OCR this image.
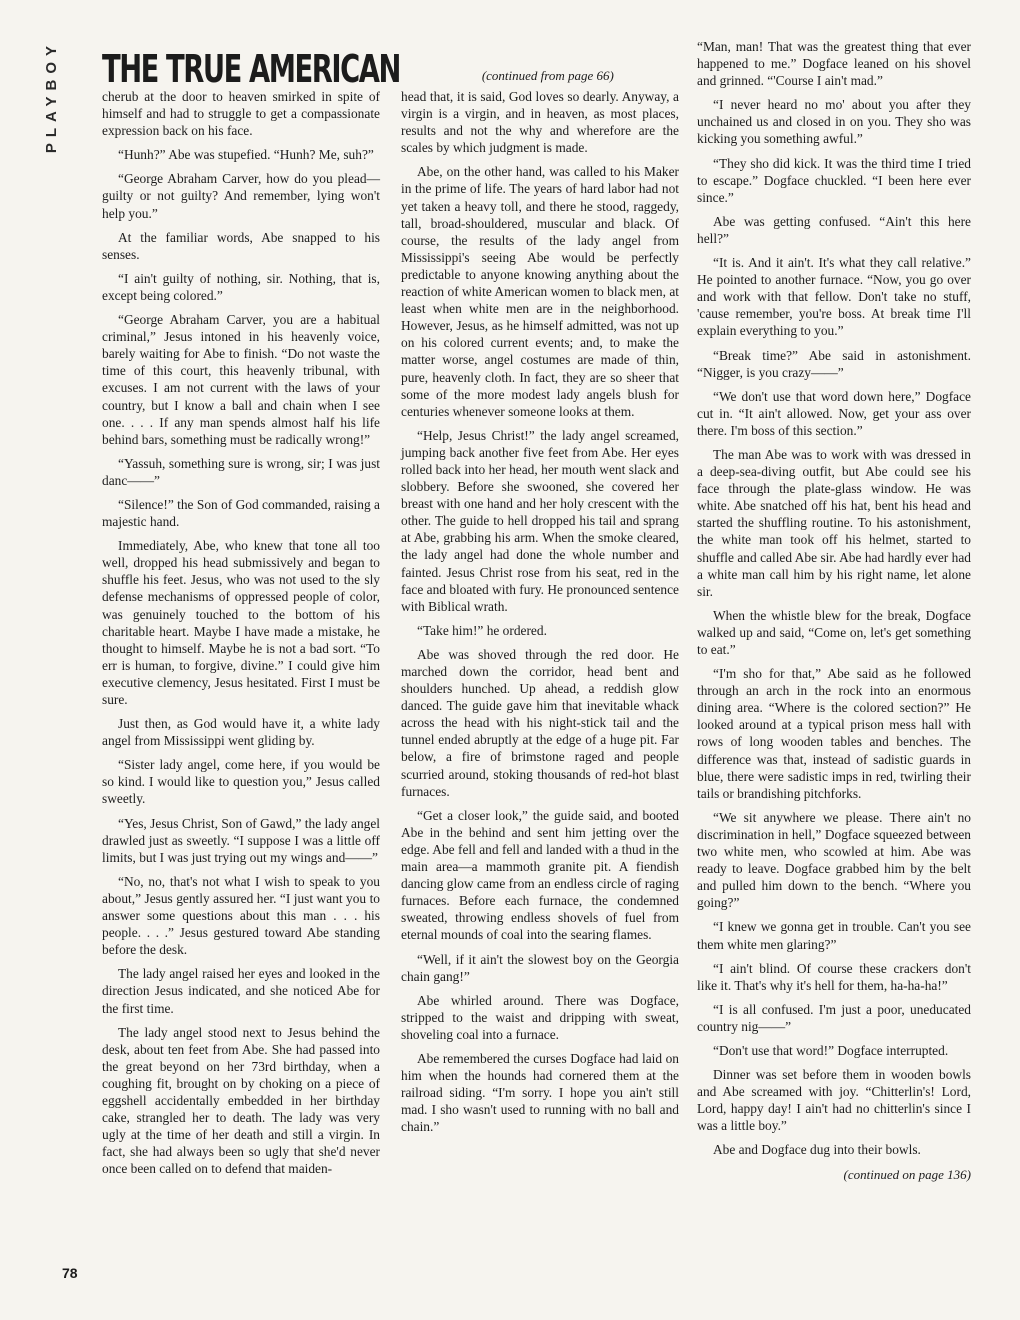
PLAYBOY THE TRUE AMERICAN	(continued from page 66)

cherub at the door to heaven smirked in spite of himself and had to struggle to get a compassionate expression back on his face.

“Hunh?” Abe was stupefied. “Hunh? Me, suh?”

“George Abraham Carver, how do you plead—guilty or not guilty? And remember, lying won't help you.”

At the familiar words, Abe snapped to his senses.

“I ain't guilty of nothing, sir. Nothing, that is, except being colored.”

“George Abraham Carver, you are a habitual criminal,” Jesus intoned in his heavenly voice, barely waiting for Abe to finish. “Do not waste the time of this court, this heavenly tribunal, with excuses. I am not current with the laws of your country, but I know a ball and chain when I see one. . . . If any man spends almost half his life behind bars, something must be radically wrong!”

“Yassuh, something sure is wrong, sir; I was just danc——”

“Silence!” the Son of God commanded, raising a majestic hand.

Immediately, Abe, who knew that tone all too well, dropped his head submissively and began to shuffle his feet. Jesus, who was not used to the sly defense mechanisms of oppressed people of color, was genuinely touched to the bottom of his charitable heart. Maybe I have made a mistake, he thought to himself. Maybe he is not a bad sort. “To err is human, to forgive, divine.” I could give him executive clemency, Jesus hesitated. First I must be sure.

Just then, as God would have it, a white lady angel from Mississippi went gliding by.

“Sister lady angel, come here, if you would be so kind. I would like to question you,” Jesus called sweetly.

“Yes, Jesus Christ, Son of Gawd,” the lady angel drawled just as sweetly. “I suppose I was a little off limits, but I was just trying out my wings and——”

“No, no, that's not what I wish to speak to you about,” Jesus gently assured her. “I just want you to answer some questions about this man . . . his people. . . .” Jesus gestured toward Abe standing before the desk.

The lady angel raised her eyes and looked in the direction Jesus indicated, and she noticed Abe for the first time.

The lady angel stood next to Jesus behind the desk, about ten feet from Abe. She had passed into the great beyond on her 73rd birthday, when a coughing fit, brought on by choking on a piece of eggshell accidentally embedded in her birthday cake, strangled her to death. The lady was very ugly at the time of her death and still a virgin. In fact, she had always been so ugly that she'd never once been called on to defend that maiden-

head that, it is said, God loves so dearly. Anyway, a virgin is a virgin, and in heaven, as most places, results and not the why and wherefore are the scales by which judgment is made.

Abe, on the other hand, was called to his Maker in the prime of life. The years of hard labor had not yet taken a heavy toll, and there he stood, raggedy, tall, broad-shouldered, muscular and black. Of course, the results of the lady angel from Mississippi's seeing Abe would be perfectly predictable to anyone knowing anything about the reaction of white American women to black men, at least when white men are in the neighborhood. However, Jesus, as he himself admitted, was not up on his colored current events; and, to make the matter worse, angel costumes are made of thin, pure, heavenly cloth. In fact, they are so sheer that some of the more modest lady angels blush for centuries whenever someone looks at them.

“Help, Jesus Christ!” the lady angel screamed, jumping back another five feet from Abe. Her eyes rolled back into her head, her mouth went slack and slobbery. Before she swooned, she covered her breast with one hand and her holy crescent with the other. The guide to hell dropped his tail and sprang at Abe, grabbing his arm. When the smoke cleared, the lady angel had done the whole number and fainted. Jesus Christ rose from his seat, red in the face and bloated with fury. He pronounced sentence with Biblical wrath.

“Take him!” he ordered.

Abe was shoved through the red door. He marched down the corridor, head bent and shoulders hunched. Up ahead, a reddish glow danced. The guide gave him that inevitable whack across the head with his night-stick tail and the tunnel ended abruptly at the edge of a huge pit. Far below, a fire of brimstone raged and people scurried around, stoking thousands of red-hot blast furnaces.

“Get a closer look,” the guide said, and booted Abe in the behind and sent him jetting over the edge. Abe fell and fell and landed with a thud in the main area—a mammoth granite pit. A fiendish dancing glow came from an endless circle of raging furnaces. Before each furnace, the condemned sweated, throwing endless shovels of fuel from eternal mounds of coal into the searing flames.

“Well, if it ain't the slowest boy on the Georgia chain gang!”

Abe whirled around. There was Dogface, stripped to the waist and dripping with sweat, shoveling coal into a furnace.

Abe remembered the curses Dogface had laid on him when the hounds had cornered them at the railroad siding. “I'm sorry. I hope you ain't still mad. I sho wasn't used to running with no ball and chain.”

“Man, man! That was the greatest thing that ever happened to me.” Dogface leaned on his shovel and grinned. “'Course I ain't mad.”

“I never heard no mo' about you after they unchained us and closed in on you. They sho was kicking you something awful.”

“They sho did kick. It was the third time I tried to escape.” Dogface chuckled. “I been here ever since.”

Abe was getting confused. “Ain't this here hell?”

“It is. And it ain't. It's what they call relative.” He pointed to another furnace. “Now, you go over and work with that fellow. Don't take no stuff, 'cause remember, you're boss. At break time I'll explain everything to you.”

“Break time?” Abe said in astonishment. “Nigger, is you crazy——”

“We don't use that word down here,” Dogface cut in. “It ain't allowed. Now, get your ass over there. I'm boss of this section.”

The man Abe was to work with was dressed in a deep-sea-diving outfit, but Abe could see his face through the plate-glass window. He was white. Abe snatched off his hat, bent his head and started the shuffling routine. To his astonishment, the white man took off his helmet, started to shuffle and called Abe sir. Abe had hardly ever had a white man call him by his right name, let alone sir.

When the whistle blew for the break, Dogface walked up and said, “Come on, let's get something to eat.”

“I'm sho for that,” Abe said as he followed through an arch in the rock into an enormous dining area. “Where is the colored section?” He looked around at a typical prison mess hall with rows of long wooden tables and benches. The difference was that, instead of sadistic guards in blue, there were sadistic imps in red, twirling their tails or brandishing pitchforks.

“We sit anywhere we please. There ain't no discrimination in hell,” Dogface squeezed between two white men, who scowled at him. Abe was ready to leave. Dogface grabbed him by the belt and pulled him down to the bench. “Where you going?”

“I knew we gonna get in trouble. Can't you see them white men glaring?”

“I ain't blind. Of course these crackers don't like it. That's why it's hell for them, ha-ha-ha!”

“I is all confused. I'm just a poor, uneducated country nig——”

“Don't use that word!” Dogface interrupted.

Dinner was set before them in wooden bowls and Abe screamed with joy. “Chitterlin's! Lord, Lord, happy day! I ain't had no chitterlin's since I was a little boy.”

Abe and Dogface dug into their bowls.

(continued on page 136)
78
